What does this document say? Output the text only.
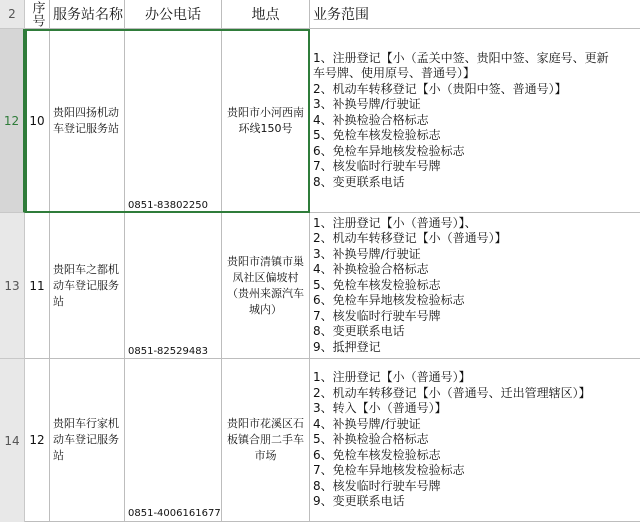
2	序号 服务站名称 办公电话	地点 业务范围
12 10
贵阳四扬机动车登记服务站
0851-83802250
贵阳市小河西南环线150号
1、注册登记【小（孟关中签、贵阳中签、家庭号、更新
车号牌、使用原号、普通号）】
2、机动车转移登记【小（贵阳中签、普通号）】
3、补换号牌/行驶证
4、补换检验合格标志
5、免检车核发检验标志
6、免检车异地核发检验标志
7、核发临时行驶车号牌
8、变更联系电话
13 11
贵阳车之都机动车登记服务站
0851-82529483
贵阳市清镇市巢凤社区偏坡村（贵州来源汽车城内）
1、注册登记【小（普通号）】、
2、机动车转移登记【小（普通号）】
3、补换号牌/行驶证
4、补换检验合格标志
5、免检车核发检验标志
6、免检车异地核发检验标志
7、核发临时行驶车号牌
8、变更联系电话
9、抵押登记
14 12
贵阳车行家机动车登记服务站
0851-4006161677
贵阳市花溪区石板镇合朋二手车市场
1、注册登记【小（普通号）】
2、机动车转移登记【小（普通号、迁出管理辖区）】
3、转入【小（普通号）】
4、补换号牌/行驶证
5、补换检验合格标志
6、免检车核发检验标志
7、免检车异地核发检验标志
8、核发临时行驶车号牌
9、变更联系电话
